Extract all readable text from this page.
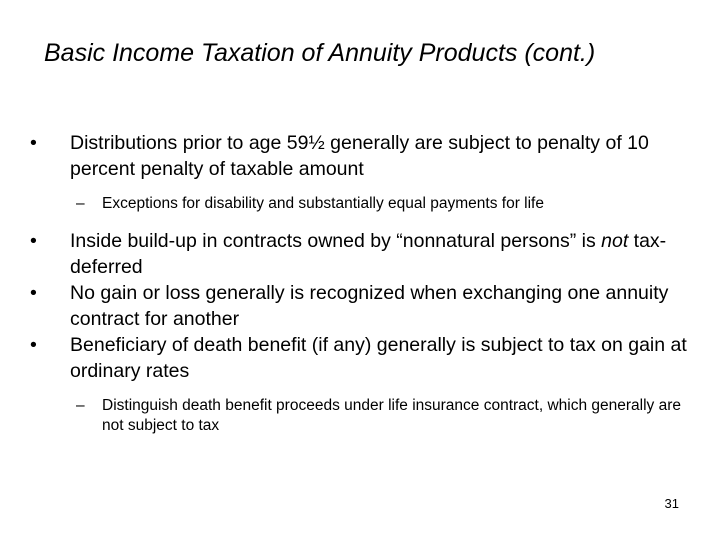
Basic Income Taxation of Annuity Products (cont.)
• Distributions prior to age 59½ generally are subject to penalty of 10 percent penalty of taxable amount
– Exceptions for disability and substantially equal payments for life
• Inside build-up in contracts owned by “nonnatural persons” is not tax-deferred
• No gain or loss generally is recognized when exchanging one annuity contract for another
• Beneficiary of death benefit (if any) generally is subject to tax on gain at ordinary rates
– Distinguish death benefit proceeds under life insurance contract, which generally are not subject to tax
31
